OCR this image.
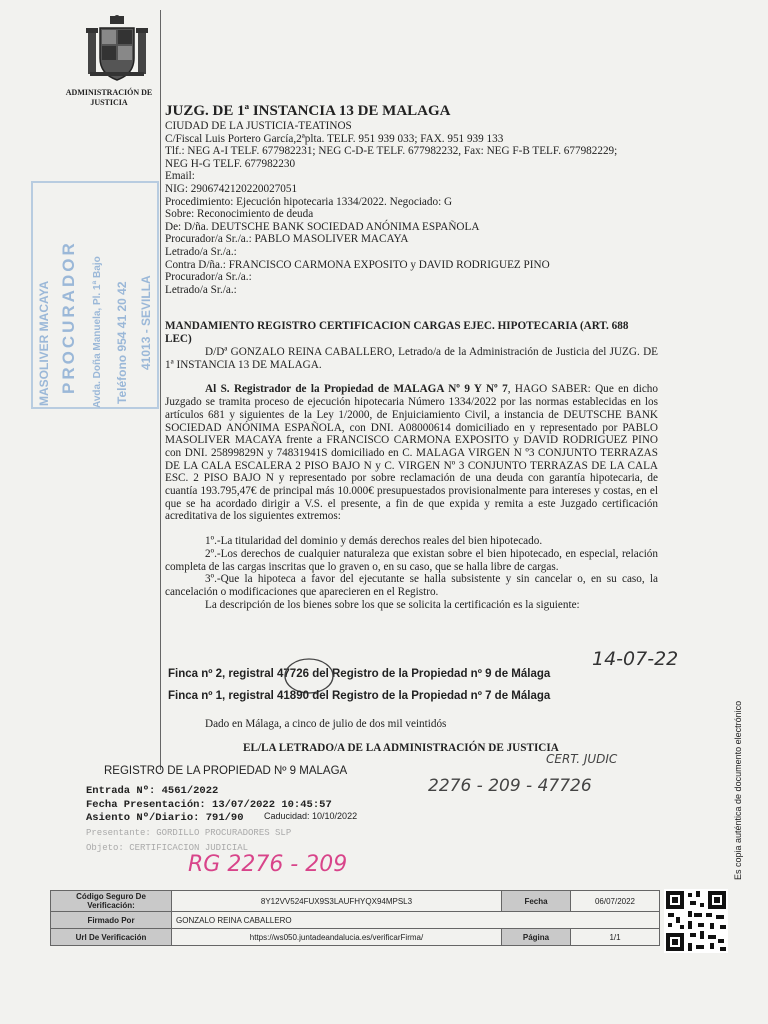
ADMINISTRACIÓN DE JUSTICIA
MASOLIVER MACAYA PROCURADOR Avda. Doña Manuela, Pl. 1ª Bajo Teléfono 954 41 20 42 41013 - SEVILLA
JUZG. DE 1ª INSTANCIA 13 DE MALAGA
CIUDAD DE LA JUSTICIA-TEATINOS
C/Fiscal Luis Portero García,2ªplta. TELF. 951 939 033; FAX. 951 939 133
Tlf.: NEG A-I TELF. 677982231; NEG C-D-E TELF. 677982232, Fax: NEG F-B TELF. 677982229;
NEG H-G TELF. 677982230
Email:
NIG: 2906742120220027051
Procedimiento: Ejecución hipotecaria 1334/2022. Negociado: G
Sobre: Reconocimiento de deuda
De: D/ña. DEUTSCHE BANK SOCIEDAD ANÓNIMA ESPAÑOLA
Procurador/a Sr./a.: PABLO MASOLIVER MACAYA
Letrado/a Sr./a.:
Contra D/ña.: FRANCISCO CARMONA EXPOSITO y DAVID RODRIGUEZ PINO
Procurador/a Sr./a.:
Letrado/a Sr./a.:
MANDAMIENTO REGISTRO CERTIFICACION CARGAS EJEC. HIPOTECARIA (ART. 688 LEC)

D/Dª GONZALO REINA CABALLERO, Letrado/a de la Administración de Justicia del JUZG. DE 1ª INSTANCIA 13 DE MALAGA.

Al S. Registrador de la Propiedad de MALAGA Nº 9 Y Nº 7, HAGO SABER: Que en dicho Juzgado se tramita proceso de ejecución hipotecaria Número 1334/2022 por las normas establecidas en los artículos 681 y siguientes de la Ley 1/2000, de Enjuiciamiento Civil, a instancia de DEUTSCHE BANK SOCIEDAD ANÓNIMA ESPAÑOLA, con DNI. A08000614 domiciliado en y representado por PABLO MASOLIVER MACAYA frente a FRANCISCO CARMONA EXPOSITO y DAVID RODRIGUEZ PINO con DNI. 25899829N y 74831941S domiciliado en C. MALAGA VIRGEN N º3 CONJUNTO TERRAZAS DE LA CALA ESCALERA 2 PISO BAJO N y C. VIRGEN Nº 3 CONJUNTO TERRAZAS DE LA CALA ESC. 2 PISO BAJO N y representado por sobre reclamación de una deuda con garantía hipotecaria, de cuantía 193.795,47€ de principal más 10.000€ presupuestados provisionalmente para intereses y costas, en el que se ha acordado dirigir a V.S. el presente, a fin de que expida y remita a este Juzgado certificación acreditativa de los siguientes extremos:

1º.-La titularidad del dominio y demás derechos reales del bien hipotecado.

2º.-Los derechos de cualquier naturaleza que existan sobre el bien hipotecado, en especial, relación completa de las cargas inscritas que lo graven o, en su caso, que se halla libre de cargas.

3º.-Que la hipoteca a favor del ejecutante se halla subsistente y sin cancelar o, en su caso, la cancelación o modificaciones que aparecieren en el Registro.

La descripción de los bienes sobre los que se solicita la certificación es la siguiente:

Finca nº 2, registral 47726 del Registro de la Propiedad nº 9 de Málaga
Finca nº 1, registral 41890 del Registro de la Propiedad nº 7 de Málaga
Dado en Málaga, a cinco de julio de dos mil veintidós
EL/LA LETRADO/A DE LA ADMINISTRACIÓN DE JUSTICIA
14-07-22
CERT. JUDIC
2276 - 209 - 47726
REGISTRO DE LA PROPIEDAD Nº 9 MALAGA
Entrada Nº: 4561/2022
Fecha Presentación: 13/07/2022 10:45:57
Asiento Nº/Diario: 791/90 Caducidad: 10/10/2022
Presentante: GORDILLO PROCURADORES SLP
Objeto: CERTIFICACION JUDICIAL
RG 2276 - 209	Es copia auténtica de documento electrónico
Código Seguro De Verificación:	8Y12VV524FUX9S3LAUFHYQX94MPSL3	Fecha	06/07/2022
Firmado Por	GONZALO REINA CABALLERO		
Url De Verificación	https://ws050.juntadeandalucia.es/verificarFirma/	Página	1/1
